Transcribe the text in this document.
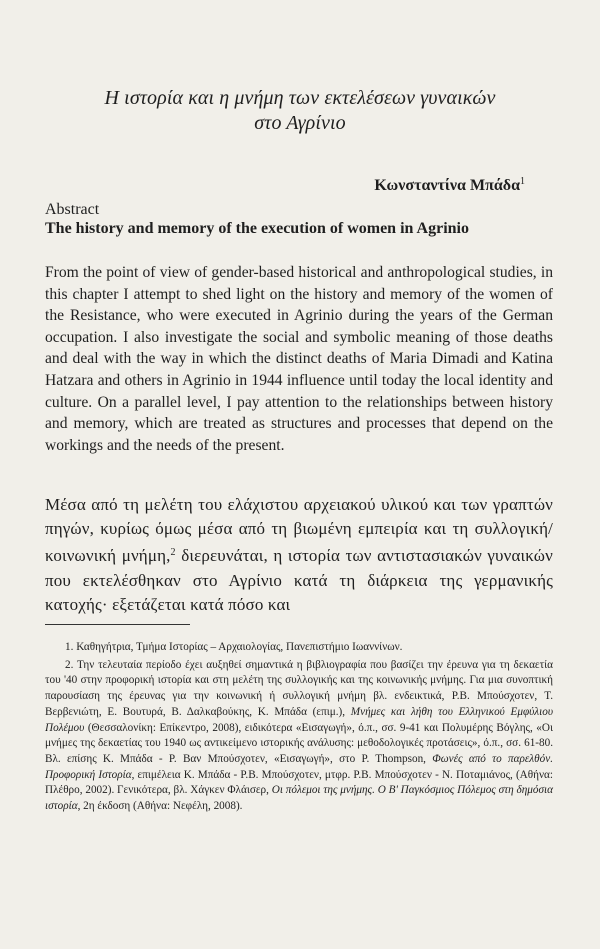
Η ιστορία και η μνήμη των εκτελέσεων γυναικών
στο Αγρίνιο
Κωνσταντίνα Μπάδα$^1$
Abstract
The history and memory of the execution of women in Agrinio

From the point of view of gender-based historical and anthropological studies, in this chapter I attempt to shed light on the history and memory of the women of the Resistance, who were executed in Agrinio during the years of the German occupation. I also investigate the social and symbolic meaning of those deaths and deal with the way in which the distinct deaths of Maria Dimadi and Katina Hatzara and others in Agrinio in 1944 influence until today the local identity and culture. On a parallel level, I pay attention to the relationships between history and memory, which are treated as structures and processes that depend on the workings and the needs of the present.

Μέσα από τη μελέτη του ελάχιστου αρχειακού υλικού και των γραπτών πηγών, κυρίως όμως μέσα από τη βιωμένη εμπειρία και τη συλλογική/κοινωνική μνήμη,$^2$ διερευνάται, η ιστορία των αντιστασιακών γυναικών που εκτελέσθηκαν στο Αγρίνιο κατά τη διάρκεια της γερμανικής κατοχής· εξετάζεται κατά πόσο και

1. Καθηγήτρια, Τμήμα Ιστορίας – Αρχαιολογίας, Πανεπιστήμιο Ιωαννίνων.

2. Την τελευταία περίοδο έχει αυξηθεί σημαντικά η βιβλιογραφία που βασίζει την έρευνα για τη δεκαετία του '40 στην προφορική ιστορία και στη μελέτη της συλλογικής και της κοινωνικής μνήμης. Για μια συνοπτική παρουσίαση της έρευνας για την κοινωνική ή συλλογική μνήμη βλ. ενδεικτικά, Ρ.Β. Μπούσχοτεν, Τ. Βερβενιώτη, Ε. Βουτυρά, Β. Δαλκαβούκης, Κ. Μπάδα (επιμ.), Μνήμες και λήθη του Ελληνικού Εμφύλιου Πολέμου (Θεσσαλονίκη: Επίκεντρο, 2008), ειδικότερα «Εισαγωγή», ό.π., σσ. 9-41 και Πολυμέρης Βόγλης, «Οι μνήμες της δεκαετίας του 1940 ως αντικείμενο ιστορικής ανάλυσης: μεθοδολογικές προτάσεις», ό.π., σσ. 61-80. Βλ. επίσης Κ. Μπάδα - Ρ. Βαν Μπούσχοτεν, «Εισαγωγή», στο P. Thompson, Φωνές από το παρελθόν. Προφορική Ιστορία, επιμέλεια Κ. Μπάδα - Ρ.Β. Μπούσχοτεν, μτφρ. Ρ.Β. Μπούσχοτεν - Ν. Ποταμιάνος, (Αθήνα: Πλέθρο, 2002). Γενικότερα, βλ. Χάγκεν Φλάισερ, Οι πόλεμοι της μνήμης. Ο Β' Παγκόσμιος Πόλεμος στη δημόσια ιστορία, 2η έκδοση (Αθήνα: Νεφέλη, 2008).
